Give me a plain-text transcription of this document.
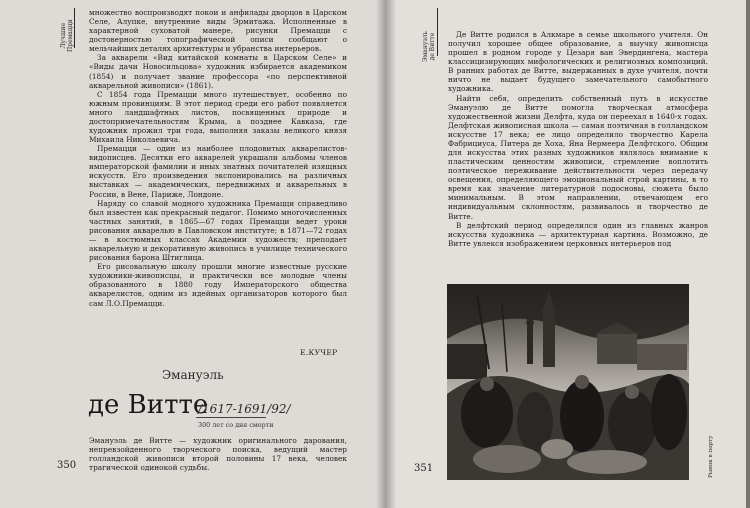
Лучшие Премацци

множество воспроизводят покои и анфилады дворцов в Царском Селе, Алупке, внутренние виды Эрмитажа. Исполненные в характерной суховатой манере, рисунки Премацци с достоверностью топографической описи сообщают о мельчайших деталях архитектуры и убранства интерьеров.

За акварели «Вид китайской комнаты в Царском Селе» и «Виды дачи Новосильцова» художник избирается академиком (1854) и получает звание профессора «по перспективной акварельной живописи» (1861).

С 1854 года Премацци много путешествует, особенно по южным провинциям. В этот период среди его работ появляется много ландшафтных листов, посвященных природе и достопримечательностям Крыма, а позднее Кавказа, где художник прожил три года, выполняя заказы великого князя Михаила Николаевича.

Премацци — один из наиболее плодовитых акварелистов-видописцев. Десятки его акварелей украшали альбомы членов императорской фамилии и иных знатных почитателей изящных искусств. Его произведения экспонировались на различных выставках — академических, передвижных и акварельных в России, в Вене, Париже, Лондоне.

Наряду со славой модного художника Премацци справедливо был известен как прекрасный педагог. Помимо многочисленных частных занятий, в 1865—67 годах Премацци ведет уроки рисования акварелью в Павловском институте; в 1871—72 годах — в костюмных классах Академии художеств; преподает акварельную и декоративную живопись в училище технического рисования барона Штиглица.

Его рисовальную школу прошли многие известные русские художники-живописцы, и практически все молодые члены образованного в 1880 году Императорского общества акварелистов, одним из идейных организаторов которого был сам Л.О.Премацци.

Е.КУЧЕР
Эмануэль
де Витте
/1617-1691/92/
300 лет со дня смерти

Эмануэль де Витте — художник оригинального дарования, непревзойденного творческого поиска, ведущий мастер голландской живописи второй половины 17 века, человек трагической одинокой судьбы.

350
Эмануэль де Витте	Де Витте родился в Алкмаре в семье школьного учителя. Он получил хорошее общее образование, а выучку живописца прошел в родном городе у Цезаря ван Эвердингена, мастера классицизирующих мифологических и религиозных композиций. В ранних работах де Витте, выдержанных в духе учителя, почти ничто не выдает будущего замечательного самобытного художника.

Найти себя, определить собственный путь в искусстве Эмануэлю де Витте помогла творческая атмосфера художественной жизни Делфта, куда он переехал в 1640-х годах. Делфтская живописная школа — самая поэтичная в голландском искусстве 17 века; ее лицо определило творчество Карела Фабрициуса, Питера де Хоха, Яна Вермеера Делфтского. Общим для искусства этих разных художников являлось внимание к пластическим ценностям живописи, стремление воплотить поэтическое переживание действительности через передачу освещения, определяющего эмоциональный строй картины, в то время как значение литературной подосновы, сюжета было минимальным. В этом направлении, отвечающем его индивидуальным склонностям, развивалось и творчество де Витте.

В делфтский период определился один из главных жанров искусства художника — архитектурная картина. Возможно, де Витте увлекся изображением церковных интерьеров под

Рынок в порту
351
